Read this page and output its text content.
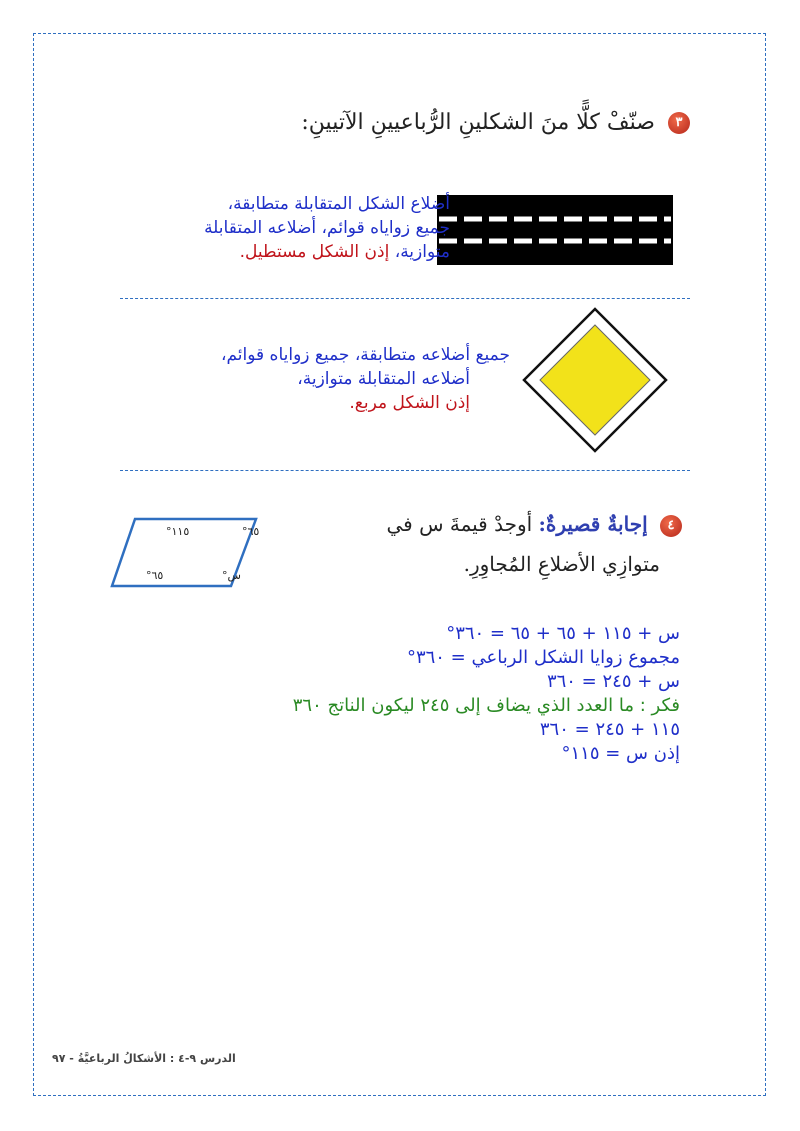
٣ صنّفْ كلًّا منَ الشكلينِ الرُّباعيينِ الآتيينِ:
أضلاع الشكل المتقابلة متطابقة،
جميع زواياه قوائم، أضلاعه المتقابلة
متوازية، إذن الشكل مستطيل.
جميع أضلاعه متطابقة، جميع زواياه قوائم،
أضلاعه المتقابلة متوازية،
إذن الشكل مربع.
٤ إجابةٌ قصيرةٌ: أوجدْ قيمةَ س في
متوازِي الأضلاعِ المُجاوِرِ.
١١٥°	٦٥°
٦٥°	س°
س + ١١٥ + ٦٥ + ٦٥ = ٣٦٠°
مجموع زوايا الشكل الرباعي = ٣٦٠°
س + ٢٤٥ = ٣٦٠
فكر : ما العدد الذي يضاف إلى ٢٤٥ ليكون الناتج ٣٦٠
١١٥ + ٢٤٥ = ٣٦٠
إذن س = ١١٥°
الدرس ٩-٤ : الأشكالُ الرباعيَّةُ - ٩٧
